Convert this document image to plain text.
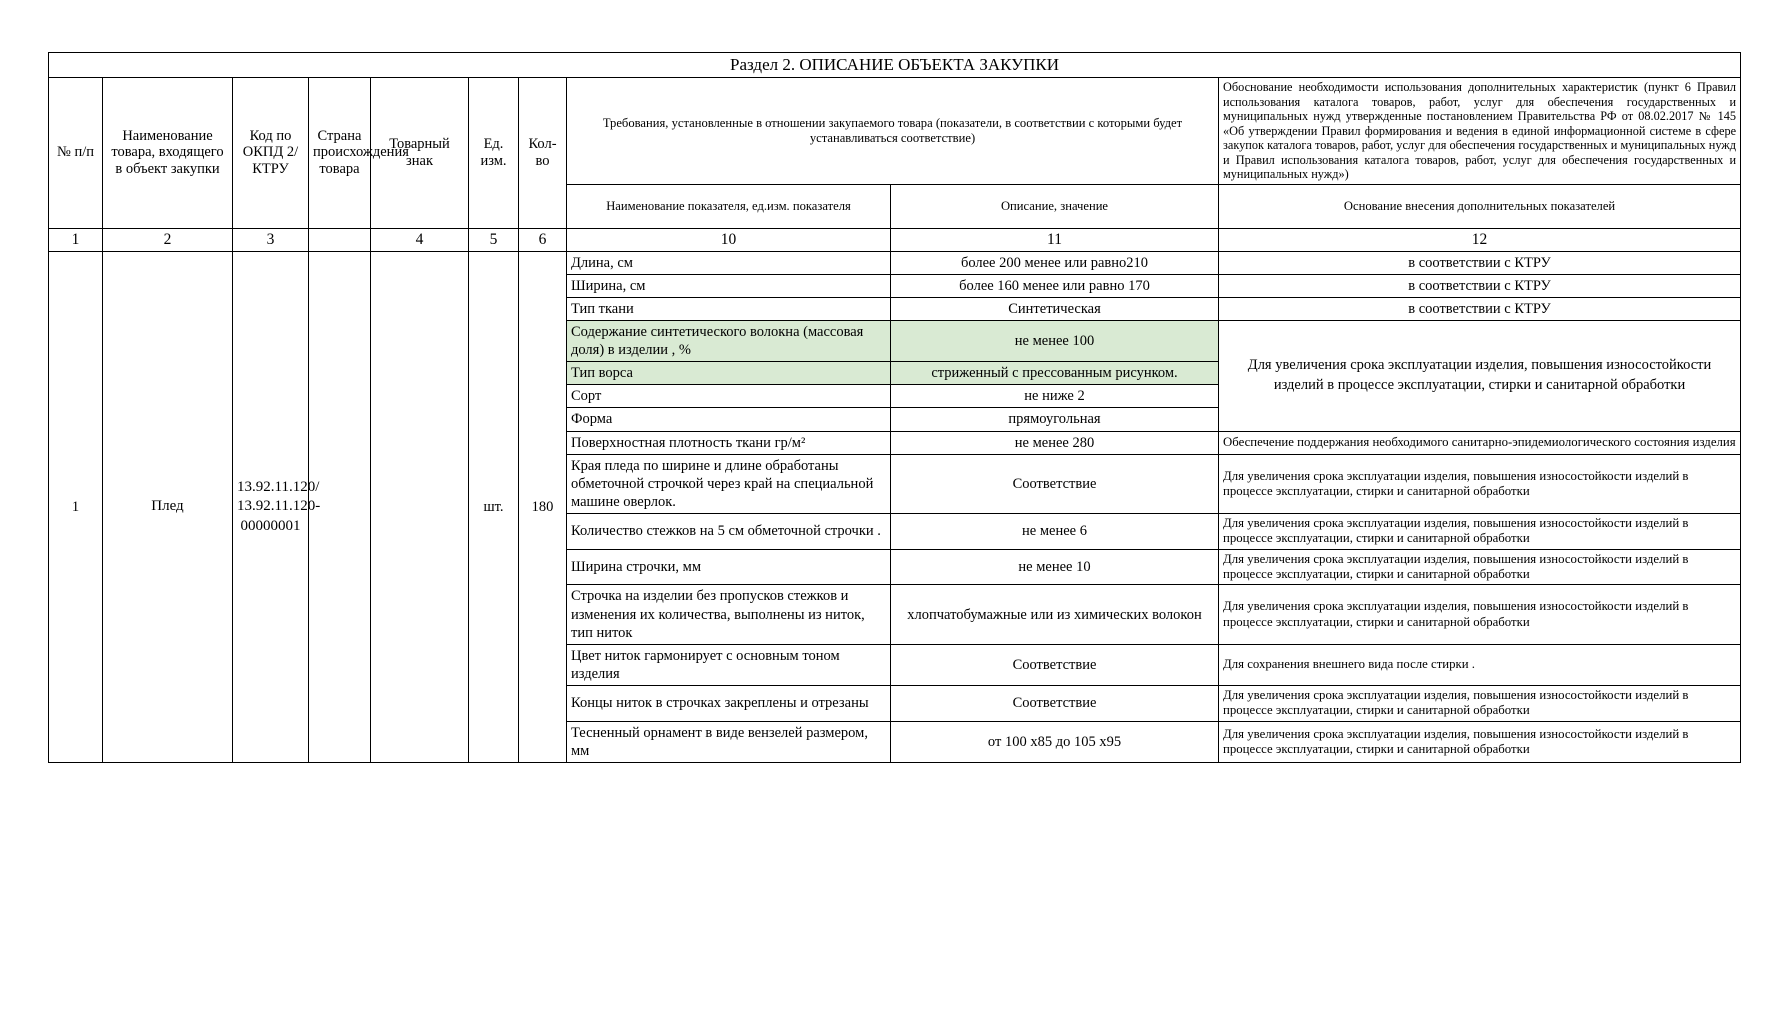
Раздел 2. ОПИСАНИЕ ОБЪЕКТА ЗАКУПКИ									
№ п/п	Наименование товара, входящего в объект закупки	Код по ОКПД 2/ КТРУ	Страна происхождения товара	Товарный знак	Ед. изм.	Кол-во	Требования, установленные в отношении закупаемого товара (показатели, в соответствии с которыми будет устанавливаться соответствие)		Обоснование необходимости использования дополнительных характеристик (пункт 6 Правил использования каталога товаров, работ, услуг для обеспечения государственных и муниципальных нужд утвержденные постановлением Правительства РФ от 08.02.2017 № 145 «Об утверждении Правил формирования и ведения в единой информационной системе в сфере закупок каталога товаров, работ, услуг для обеспечения государственных и муниципальных нужд и Правил использования каталога товаров, работ, услуг для обеспечения государственных и муниципальных нужд»)
							Наименование показателя, ед.изм. показателя	Описание, значение	Основание внесения дополнительных показателей
1	2	3		4	5	6	10	11	12
1	Плед	13.92.11.120/ 13.92.11.120-00000001			шт.	180	Длина, см	более 200 менее или равно210	в соответствии с КТРУ
							Ширина, см	более 160 менее или равно 170	в соответствии с КТРУ
							Тип ткани	Синтетическая	в соответствии с КТРУ
							Содержание синтетического волокна (массовая доля) в изделии , %	не менее 100	Для увеличения срока эксплуатации изделия, повышения износостойкости изделий в процессе эксплуатации, стирки и санитарной обработки
							Тип ворса	стриженный с прессованным рисунком.	
							Сорт	не ниже 2	
							Форма	прямоугольная	
							Поверхностная плотность ткани гр/м²	не менее 280	Обеспечение поддержания необходимого санитарно-эпидемиологического состояния изделия
							Края пледа по ширине и длине обработаны обметочной строчкой через край на специальной машине оверлок.	Соответствие	Для увеличения срока эксплуатации изделия, повышения износостойкости изделий в процессе эксплуатации, стирки и санитарной обработки
							Количество стежков на 5 см обметочной строчки .	не менее 6	Для увеличения срока эксплуатации изделия, повышения износостойкости изделий в процессе эксплуатации, стирки и санитарной обработки
							Ширина строчки, мм	не менее 10	Для увеличения срока эксплуатации изделия, повышения износостойкости изделий в процессе эксплуатации, стирки и санитарной обработки
							Строчка на изделии без пропусков стежков и изменения их количества, выполнены из ниток, тип ниток	хлопчатобумажные или из химических волокон	Для увеличения срока эксплуатации изделия, повышения износостойкости изделий в процессе эксплуатации, стирки и санитарной обработки
							Цвет ниток гармонирует с основным тоном изделия	Соответствие	Для сохранения внешнего вида после стирки .
							Концы ниток в строчках закреплены и отрезаны	Соответствие	Для увеличения срока эксплуатации изделия, повышения износостойкости изделий в процессе эксплуатации, стирки и санитарной обработки
							Тесненный орнамент в виде вензелей размером, мм	от 100 х85 до 105 х95	Для увеличения срока эксплуатации изделия, повышения износостойкости изделий в процессе эксплуатации, стирки и санитарной обработки
